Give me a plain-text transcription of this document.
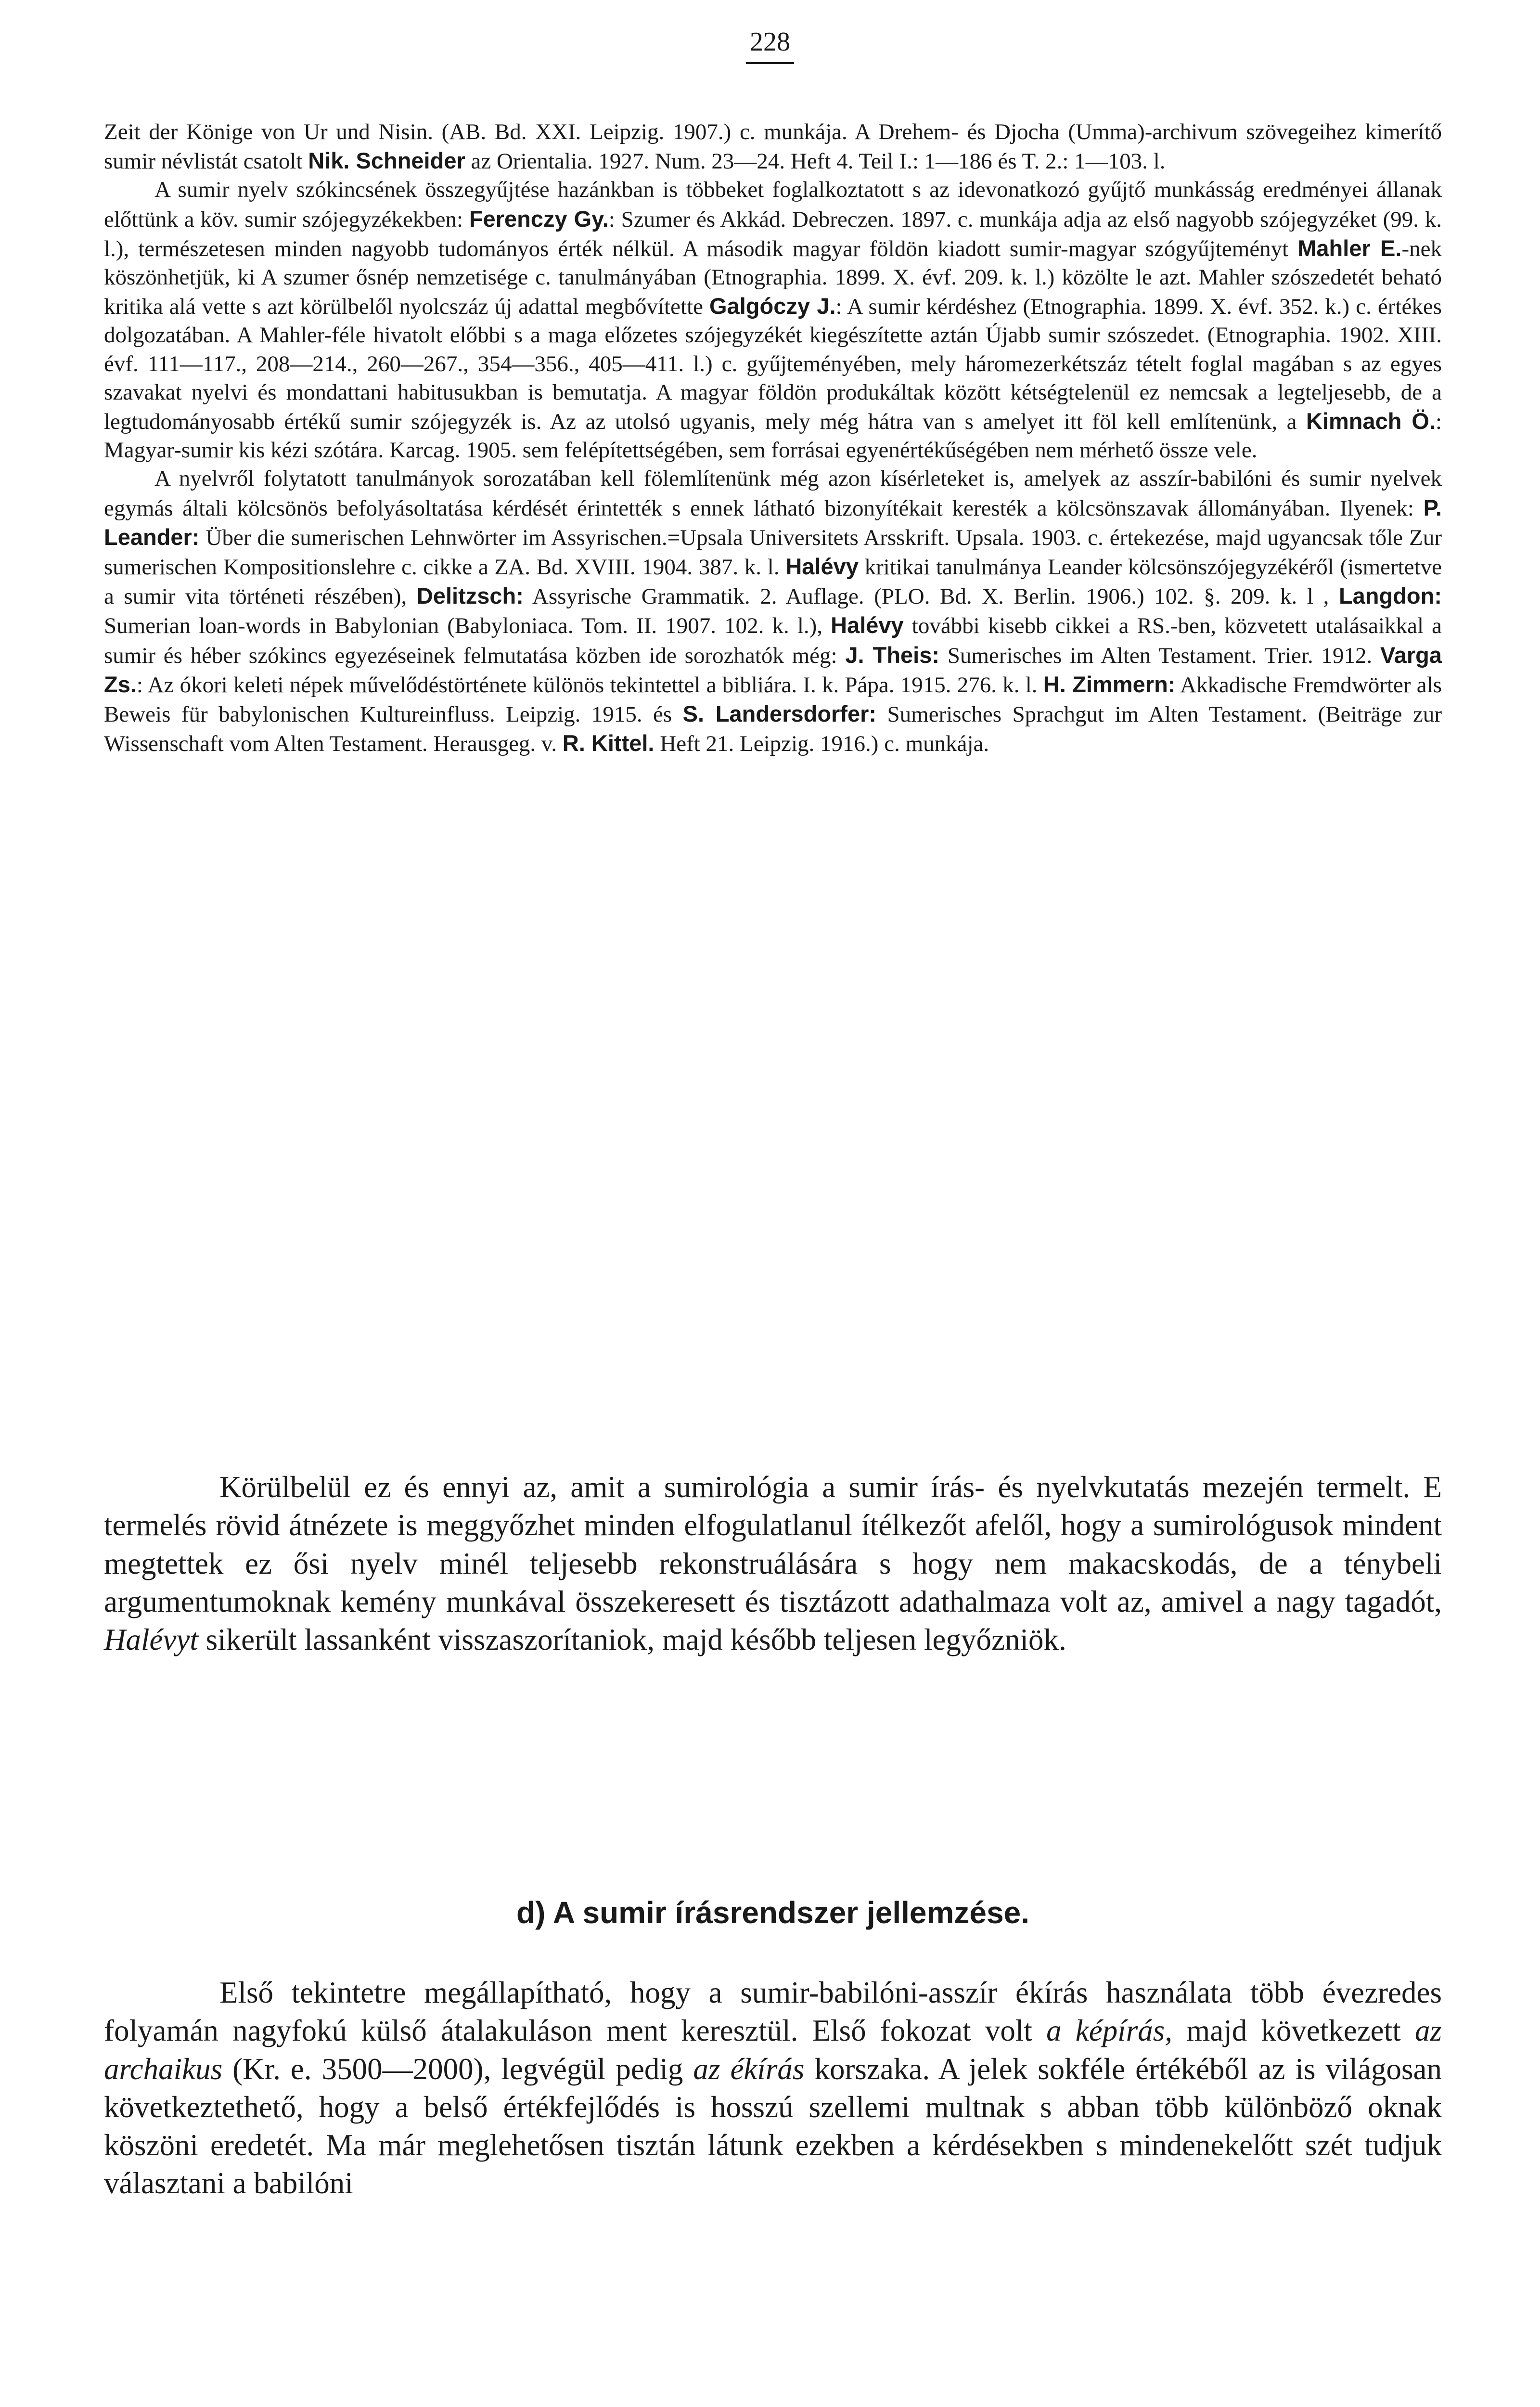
228

Zeit der Könige von Ur und Nisin. (AB. Bd. XXI. Leipzig. 1907.) c. munkája. A Drehem- és Djocha (Umma)-archivum szövegeihez kimerítő sumir névlistát csatolt Nik. Schneider az Orientalia. 1927. Num. 23—24. Heft 4. Teil I.: 1—186 és T. 2.: 1—103. l.

A sumir nyelv szókincsének összegyűjtése hazánkban is többeket foglalkoztatott s az idevonatkozó gyűjtő munkásság eredményei állanak előttünk a köv. sumir szójegyzékekben: Ferenczy Gy.: Szumer és Akkád. Debreczen. 1897. c. munkája adja az első nagyobb szójegyzéket (99. k. l.), természetesen minden nagyobb tudományos érték nélkül. A második magyar földön kiadott sumir-magyar szógyűjteményt Mahler E.-nek köszönhetjük, ki A szumer ősnép nemzetisége c. tanulmányában (Etnographia. 1899. X. évf. 209. k. l.) közölte le azt. Mahler szószedetét beható kritika alá vette s azt körülbelől nyolcszáz új adattal megbővítette Galgóczy J.: A sumir kérdéshez (Etnographia. 1899. X. évf. 352. k.) c. értékes dolgozatában. A Mahler-féle hivatolt előbbi s a maga előzetes szójegyzékét kiegészítette aztán Újabb sumir szószedet. (Etnographia. 1902. XIII. évf. 111—117., 208—214., 260—267., 354—356., 405—411. l.) c. gyűjteményében, mely háromezerkétszáz tételt foglal magában s az egyes szavakat nyelvi és mondattani habitusukban is bemutatja. A magyar földön produkáltak között kétségtelenül ez nemcsak a legteljesebb, de a legtudományosabb értékű sumir szójegyzék is. Az az utolsó ugyanis, mely még hátra van s amelyet itt föl kell említenünk, a Kimnach Ö.: Magyar-sumir kis kézi szótára. Karcag. 1905. sem felépítettségében, sem forrásai egyenértékűségében nem mérhető össze vele.

A nyelvről folytatott tanulmányok sorozatában kell fölemlítenünk még azon kísérleteket is, amelyek az asszír-babilóni és sumir nyelvek egymás általi kölcsönös befolyásoltatása kérdését érintették s ennek látható bizonyítékait keresték a kölcsönszavak állományában. Ilyenek: P. Leander: Über die sumerischen Lehnwörter im Assyrischen.=Upsala Universitets Arsskrift. Upsala. 1903. c. értekezése, majd ugyancsak tőle Zur sumerischen Kompositionslehre c. cikke a ZA. Bd. XVIII. 1904. 387. k. l. Halévy kritikai tanulmánya Leander kölcsönszójegyzékéről (ismertetve a sumir vita történeti részében), Delitzsch: Assyrische Grammatik. 2. Auflage. (PLO. Bd. X. Berlin. 1906.) 102. §. 209. k. l , Langdon: Sumerian loan-words in Babylonian (Babyloniaca. Tom. II. 1907. 102. k. l.), Halévy további kisebb cikkei a RS.-ben, közvetett utalásaikkal a sumir és héber szókincs egyezéseinek felmutatása közben ide sorozhatók még: J. Theis: Sumerisches im Alten Testament. Trier. 1912. Varga Zs.: Az ókori keleti népek művelődéstörténete különös tekintettel a bibliára. I. k. Pápa. 1915. 276. k. l. H. Zimmern: Akkadische Fremdwörter als Beweis für babylonischen Kultureinfluss. Leipzig. 1915. és S. Landersdorfer: Sumerisches Sprachgut im Alten Testament. (Beiträge zur Wissenschaft vom Alten Testament. Herausgeg. v. R. Kittel. Heft 21. Leipzig. 1916.) c. munkája.

Körülbelül ez és ennyi az, amit a sumirológia a sumir írás- és nyelvkutatás mezején termelt. E termelés rövid átnézete is meggyőzhet minden elfogulatlanul ítélkezőt afelől, hogy a sumirológusok mindent megtettek ez ősi nyelv minél teljesebb rekonstruálására s hogy nem makacskodás, de a ténybeli argumentumoknak kemény munkával összekeresett és tisztázott adathalmaza volt az, amivel a nagy tagadót, Halévyt sikerült lassanként visszaszorítaniok, majd később teljesen legyőzniök.

d) A sumir írásrendszer jellemzése.

Első tekintetre megállapítható, hogy a sumir-babilóni-asszír ékírás használata több évezredes folyamán nagyfokú külső átalakuláson ment keresztül. Első fokozat volt a képírás, majd következett az archaikus (Kr. e. 3500—2000), legvégül pedig az ékírás korszaka. A jelek sokféle értékéből az is világosan következtethető, hogy a belső értékfejlődés is hosszú szellemi multnak s abban több különböző oknak köszöni eredetét. Ma már meglehetősen tisztán látunk ezekben a kérdésekben s mindenekelőtt szét tudjuk választani a babilóni
